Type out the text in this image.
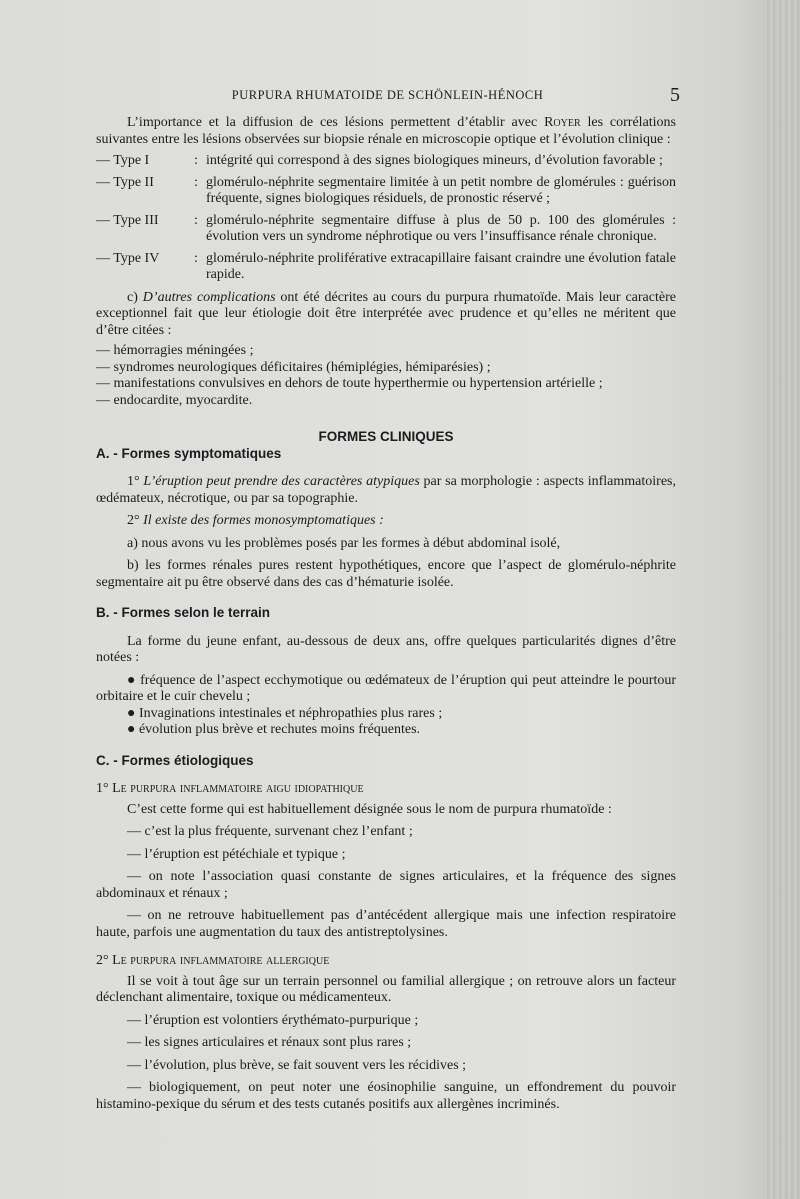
PURPURA RHUMATOIDE DE SCHÖNLEIN-HÉNOCH	5

L’importance et la diffusion de ces lésions permettent d’établir avec Royer les corrélations suivantes entre les lésions observées sur biopsie rénale en microscopie optique et l’évolution clinique :

— Type I	: intégrité qui correspond à des signes biologiques mineurs, d’évolution favorable ;
— Type II	: glomérulo-néphrite segmentaire limitée à un petit nombre de glomérules : guérison fréquente, signes biologiques résiduels, de pronostic réservé ;
— Type III	: glomérulo-néphrite segmentaire diffuse à plus de 50 p. 100 des glomérules : évolution vers un syndrome néphrotique ou vers l’insuffisance rénale chronique.
— Type IV	: glomérulo-néphrite proliférative extracapillaire faisant craindre une évolution fatale rapide.

c) D’autres complications ont été décrites au cours du purpura rhumatoïde. Mais leur caractère exceptionnel fait que leur étiologie doit être interprétée avec prudence et qu’elles ne méritent que d’être citées :

— hémorragies méningées ;

— syndromes neurologiques déficitaires (hémiplégies, hémiparésies) ;

— manifestations convulsives en dehors de toute hyperthermie ou hypertension artérielle ;

— endocardite, myocardite.

FORMES CLINIQUES
A. - Formes symptomatiques

1° L’éruption peut prendre des caractères atypiques par sa morphologie : aspects inflammatoires, œdémateux, nécrotique, ou par sa topographie.

2° Il existe des formes monosymptomatiques :

a) nous avons vu les problèmes posés par les formes à début abdominal isolé,

b) les formes rénales pures restent hypothétiques, encore que l’aspect de glomérulo-néphrite segmentaire ait pu être observé dans des cas d’hématurie isolée.

B. - Formes selon le terrain

La forme du jeune enfant, au-dessous de deux ans, offre quelques particularités dignes d’être notées :

● fréquence de l’aspect ecchymotique ou œdémateux de l’éruption qui peut atteindre le pourtour orbitaire et le cuir chevelu ;

● Invaginations intestinales et néphropathies plus rares ;

● évolution plus brève et rechutes moins fréquentes.

C. - Formes étiologiques

1° Le purpura inflammatoire aigu idiopathique

C’est cette forme qui est habituellement désignée sous le nom de purpura rhumatoïde :

— c’est la plus fréquente, survenant chez l’enfant ;

— l’éruption est pétéchiale et typique ;

— on note l’association quasi constante de signes articulaires, et la fréquence des signes abdominaux et rénaux ;

— on ne retrouve habituellement pas d’antécédent allergique mais une infection respiratoire haute, parfois une augmentation du taux des antistreptolysines.

2° Le purpura inflammatoire allergique

Il se voit à tout âge sur un terrain personnel ou familial allergique ; on retrouve alors un facteur déclenchant alimentaire, toxique ou médicamenteux.

— l’éruption est volontiers érythémato-purpurique ;

— les signes articulaires et rénaux sont plus rares ;

— l’évolution, plus brève, se fait souvent vers les récidives ;

— biologiquement, on peut noter une éosinophilie sanguine, un effondrement du pouvoir histamino-pexique du sérum et des tests cutanés positifs aux allergènes incriminés.
